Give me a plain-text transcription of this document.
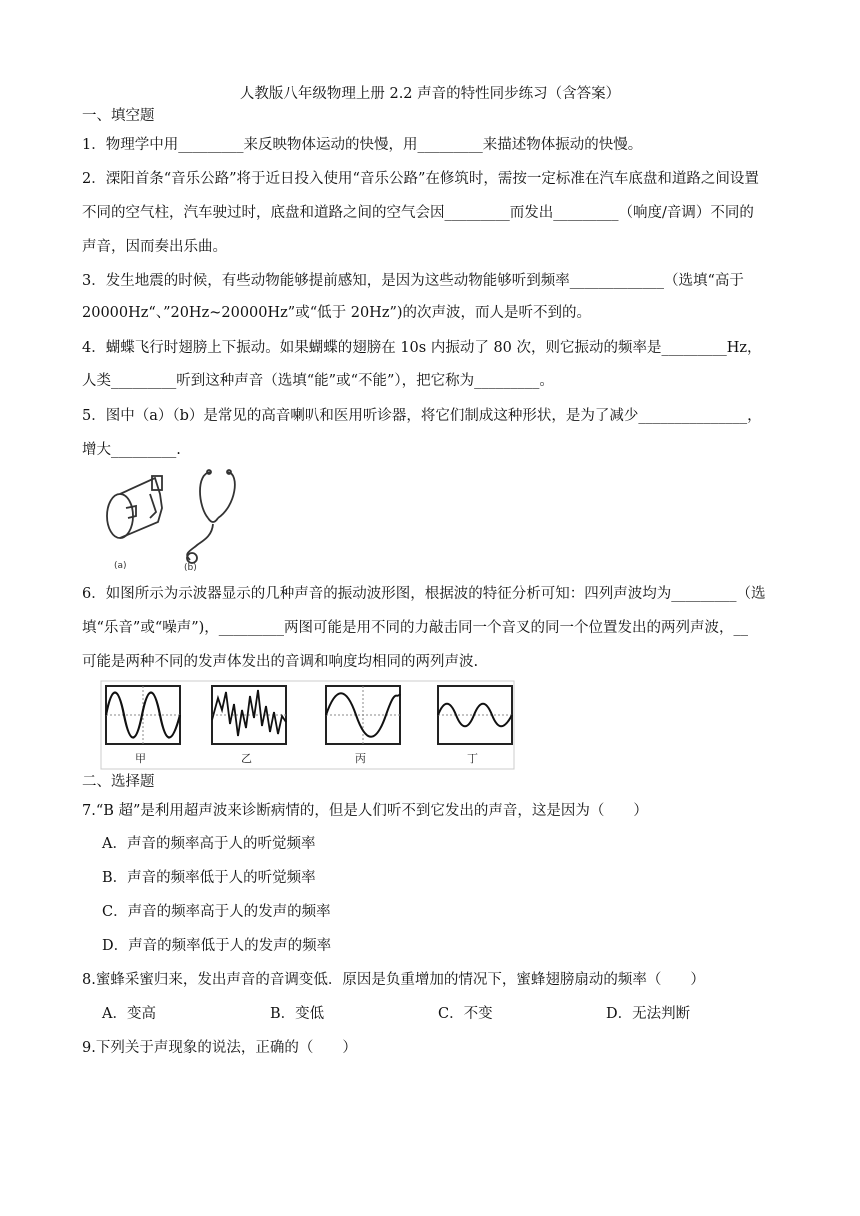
人教版八年级物理上册 2.2 声音的特性同步练习（含答案）
一、填空题
1．物理学中用_________来反映物体运动的快慢，用_________来描述物体振动的快慢。
2．溧阳首条“音乐公路”将于近日投入使用“音乐公路”在修筑时，需按一定标准在汽车底盘和道路之间设置
不同的空气柱，汽车驶过时，底盘和道路之间的空气会因_________而发出_________（响度/音调）不同的
声音，因而奏出乐曲。
3．发生地震的时候，有些动物能够提前感知，是因为这些动物能够听到频率_____________（选填“高于
20000Hz“、”20Hz~20000Hz”或“低于 20Hz”)的次声波，而人是听不到的。
4．蝴蝶飞行时翅膀上下振动。如果蝴蝶的翅膀在 10s 内振动了 80 次，则它振动的频率是_________Hz，
人类_________听到这种声音（选填“能”或“不能”），把它称为_________。
5．图中（a）（b）是常见的高音喇叭和医用听诊器，将它们制成这种形状，是为了减少_______________，
增大_________.
(a)	(b)
6．如图所示为示波器显示的几种声音的振动波形图，根据波的特征分析可知：四列声波均为_________（选
填“乐音”或“噪声”)，_________两图可能是用不同的力敲击同一个音叉的同一个位置发出的两列声波，__
可能是两种不同的发声体发出的音调和响度均相同的两列声波.
甲	乙	丙	丁
二、选择题
7.“B 超”是利用超声波来诊断病情的，但是人们听不到它发出的声音，这是因为（　　）
A．声音的频率高于人的听觉频率
B．声音的频率低于人的听觉频率
C．声音的频率高于人的发声的频率
D．声音的频率低于人的发声的频率
8.蜜蜂采蜜归来，发出声音的音调变低．原因是负重增加的情况下，蜜蜂翅膀扇动的频率（　　）
A．变高	B．变低	C．不变	D．无法判断
9.下列关于声现象的说法，正确的（　　）
